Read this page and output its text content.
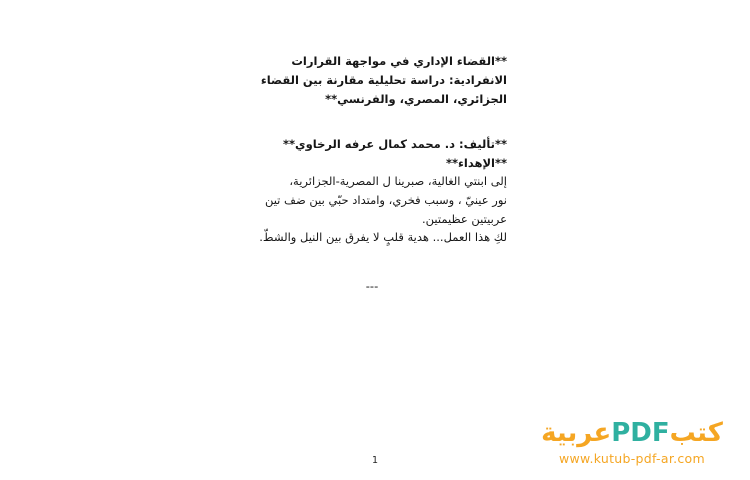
**القضاء الإداري في مواجهة القرارات
الانفرادية: دراسة تحليلية مقارنة بين القضاء
الجزائري، المصري، والفرنسي**
**تأليف: د. محمد كمال عرفه الرخاوي**
**الإهداء**
إلى ابنتي الغالية، صبرينا ل المصرية-الجزائرية،
نور عينيّ ، وسبب فخري، وامتداد حبّي بين ضف تين عربيتين عظيمتين.
لكِ هذا العمل... هدية قلبٍ لا يفرق بين النيل والشطّ.
---
1
كتبPDFعربية
www.kutub-pdf-ar.com
